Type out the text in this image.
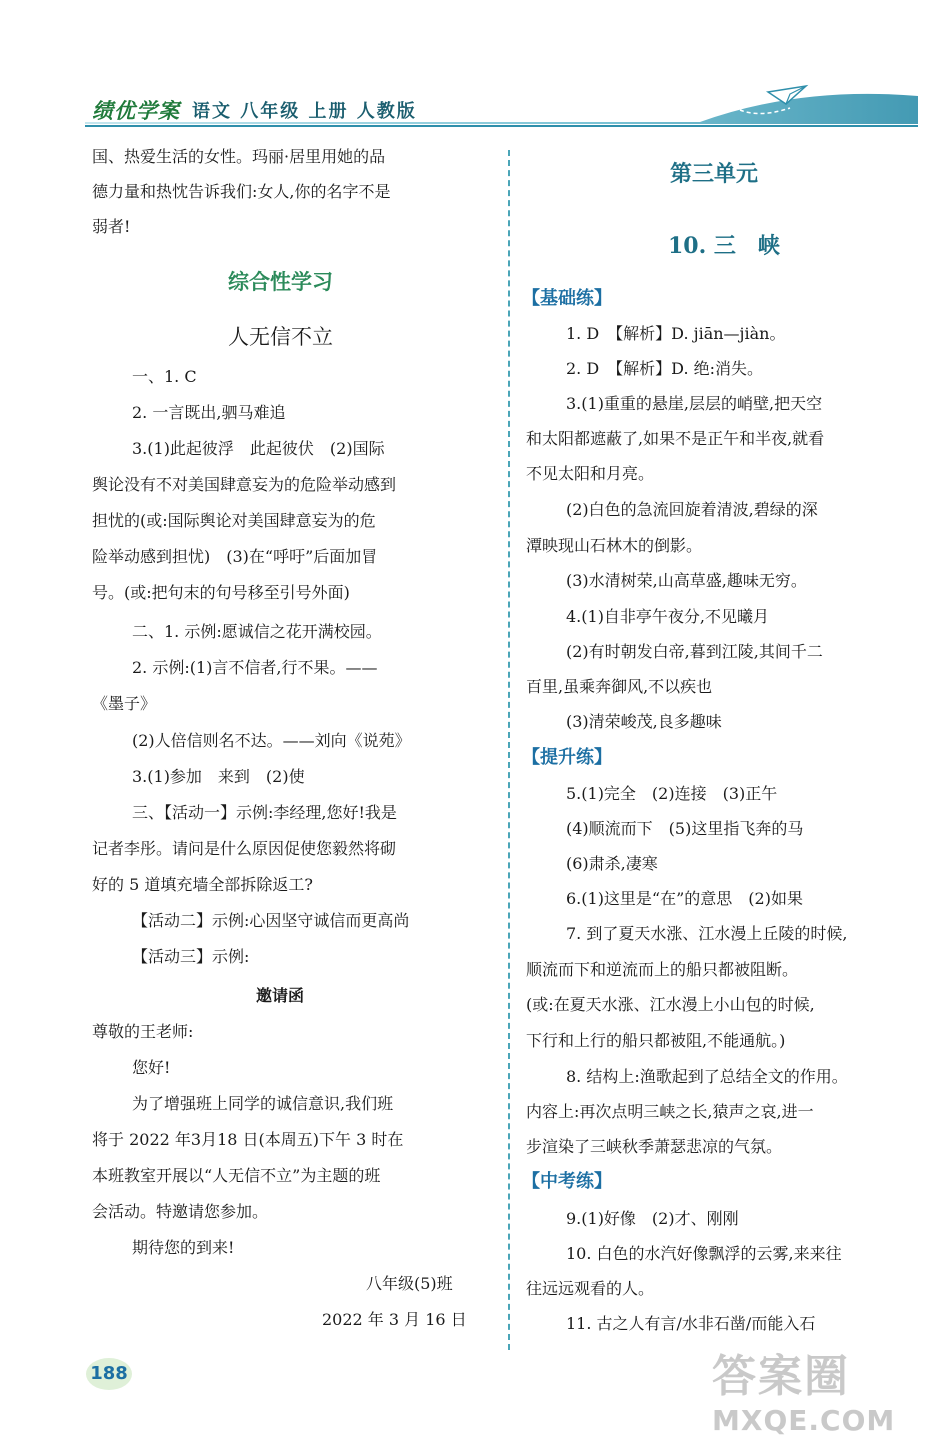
绩优学案 语文 八年级 上册 人教版
国、热爱生活的女性。玛丽·居里用她的品
德力量和热忱告诉我们:女人,你的名字不是
弱者!
综合性学习
人无信不立
一、1. C
2. 一言既出,驷马难追
3.(1)此起彼浮　此起彼伏　(2)国际
舆论没有不对美国肆意妄为的危险举动感到
担忧的(或:国际舆论对美国肆意妄为的危
险举动感到担忧)　(3)在“呼吁”后面加冒
号。(或:把句末的句号移至引号外面)
二、1. 示例:愿诚信之花开满校园。
2. 示例:(1)言不信者,行不果。——
《墨子》
(2)人倍信则名不达。——刘向《说苑》
3.(1)参加　来到　(2)使
三、【活动一】示例:李经理,您好!我是
记者李彤。请问是什么原因促使您毅然将砌
好的 5 道填充墙全部拆除返工?
【活动二】示例:心因坚守诚信而更高尚
【活动三】示例:
邀请函
尊敬的王老师:
您好!
为了增强班上同学的诚信意识,我们班
将于 2022 年3月18 日(本周五)下午 3 时在
本班教室开展以“人无信不立”为主题的班
会活动。特邀请您参加。
期待您的到来!
八年级(5)班
2022 年 3 月 16 日
第三单元
10. 三　峡
【基础练】
1. D　【解析】D. jiān—jiàn。
2. D　【解析】D. 绝:消失。
3.(1)重重的悬崖,层层的峭壁,把天空
和太阳都遮蔽了,如果不是正午和半夜,就看
不见太阳和月亮。
(2)白色的急流回旋着清波,碧绿的深
潭映现山石林木的倒影。
(3)水清树荣,山高草盛,趣味无穷。
4.(1)自非亭午夜分,不见曦月
(2)有时朝发白帝,暮到江陵,其间千二
百里,虽乘奔御风,不以疾也
(3)清荣峻茂,良多趣味
【提升练】
5.(1)完全　(2)连接　(3)正午
(4)顺流而下　(5)这里指飞奔的马
(6)肃杀,凄寒
6.(1)这里是“在”的意思　(2)如果
7. 到了夏天水涨、江水漫上丘陵的时候,
顺流而下和逆流而上的船只都被阻断。
(或:在夏天水涨、江水漫上小山包的时候,
下行和上行的船只都被阻,不能通航。)
8. 结构上:渔歌起到了总结全文的作用。
内容上:再次点明三峡之长,猿声之哀,进一
步渲染了三峡秋季萧瑟悲凉的气氛。
【中考练】
9.(1)好像　(2)才、刚刚
10. 白色的水汽好像飘浮的云雾,来来往
往远远观看的人。
11. 古之人有言/水非石凿/而能入石
188	答案圈
MXQE.COM
